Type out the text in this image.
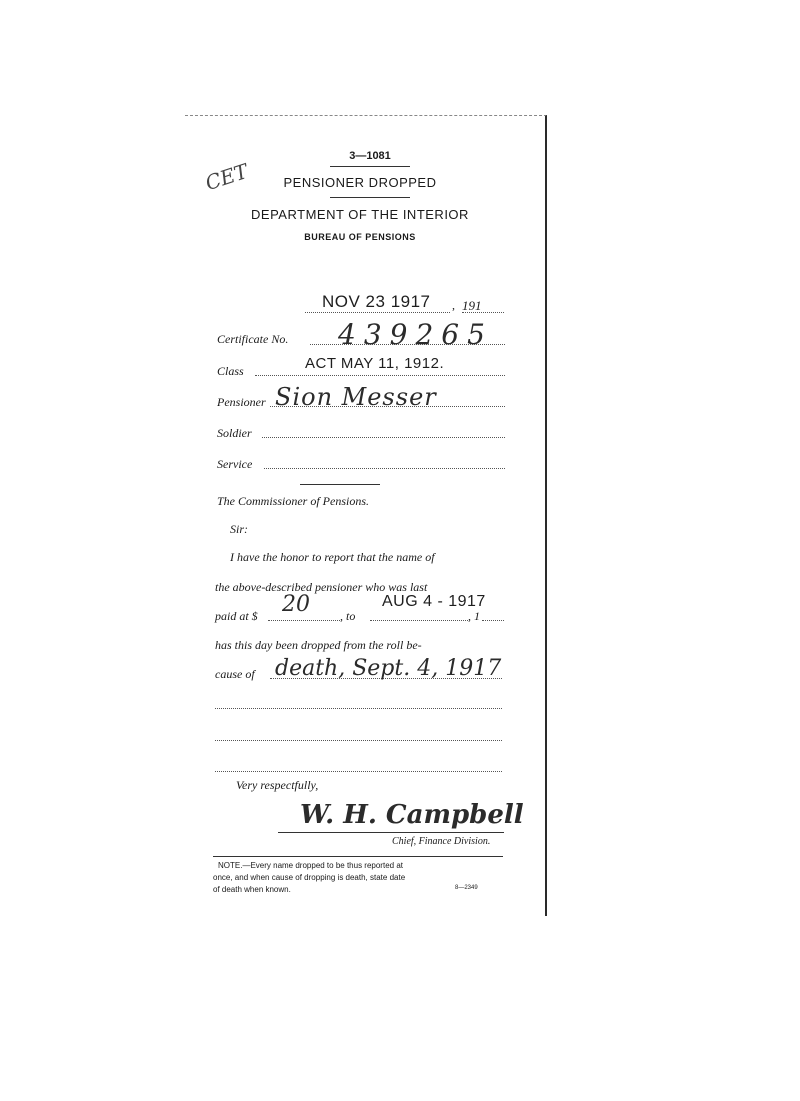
CET
3—1081
PENSIONER DROPPED
DEPARTMENT OF THE INTERIOR
BUREAU OF PENSIONS
NOV 23 1917 , 191
Certificate No. 439265
Class	ACT MAY 11, 1912.
Pensioner Sion Messer
Soldier
Service
The Commissioner of Pensions.
Sir:
I have the honor to report that the name of
the above-described pensioner who was last
paid at $ 20	, to
AUG 4 - 1917
, 1
has this day been dropped from the roll be-
cause of death, Sept. 4, 1917
Very respectfully,
W. H. Campbell
Chief, Finance Division.
NOTE.—Every name dropped to be thus reported at
once, and when cause of dropping is death, state date
of death when known.	8—2349
